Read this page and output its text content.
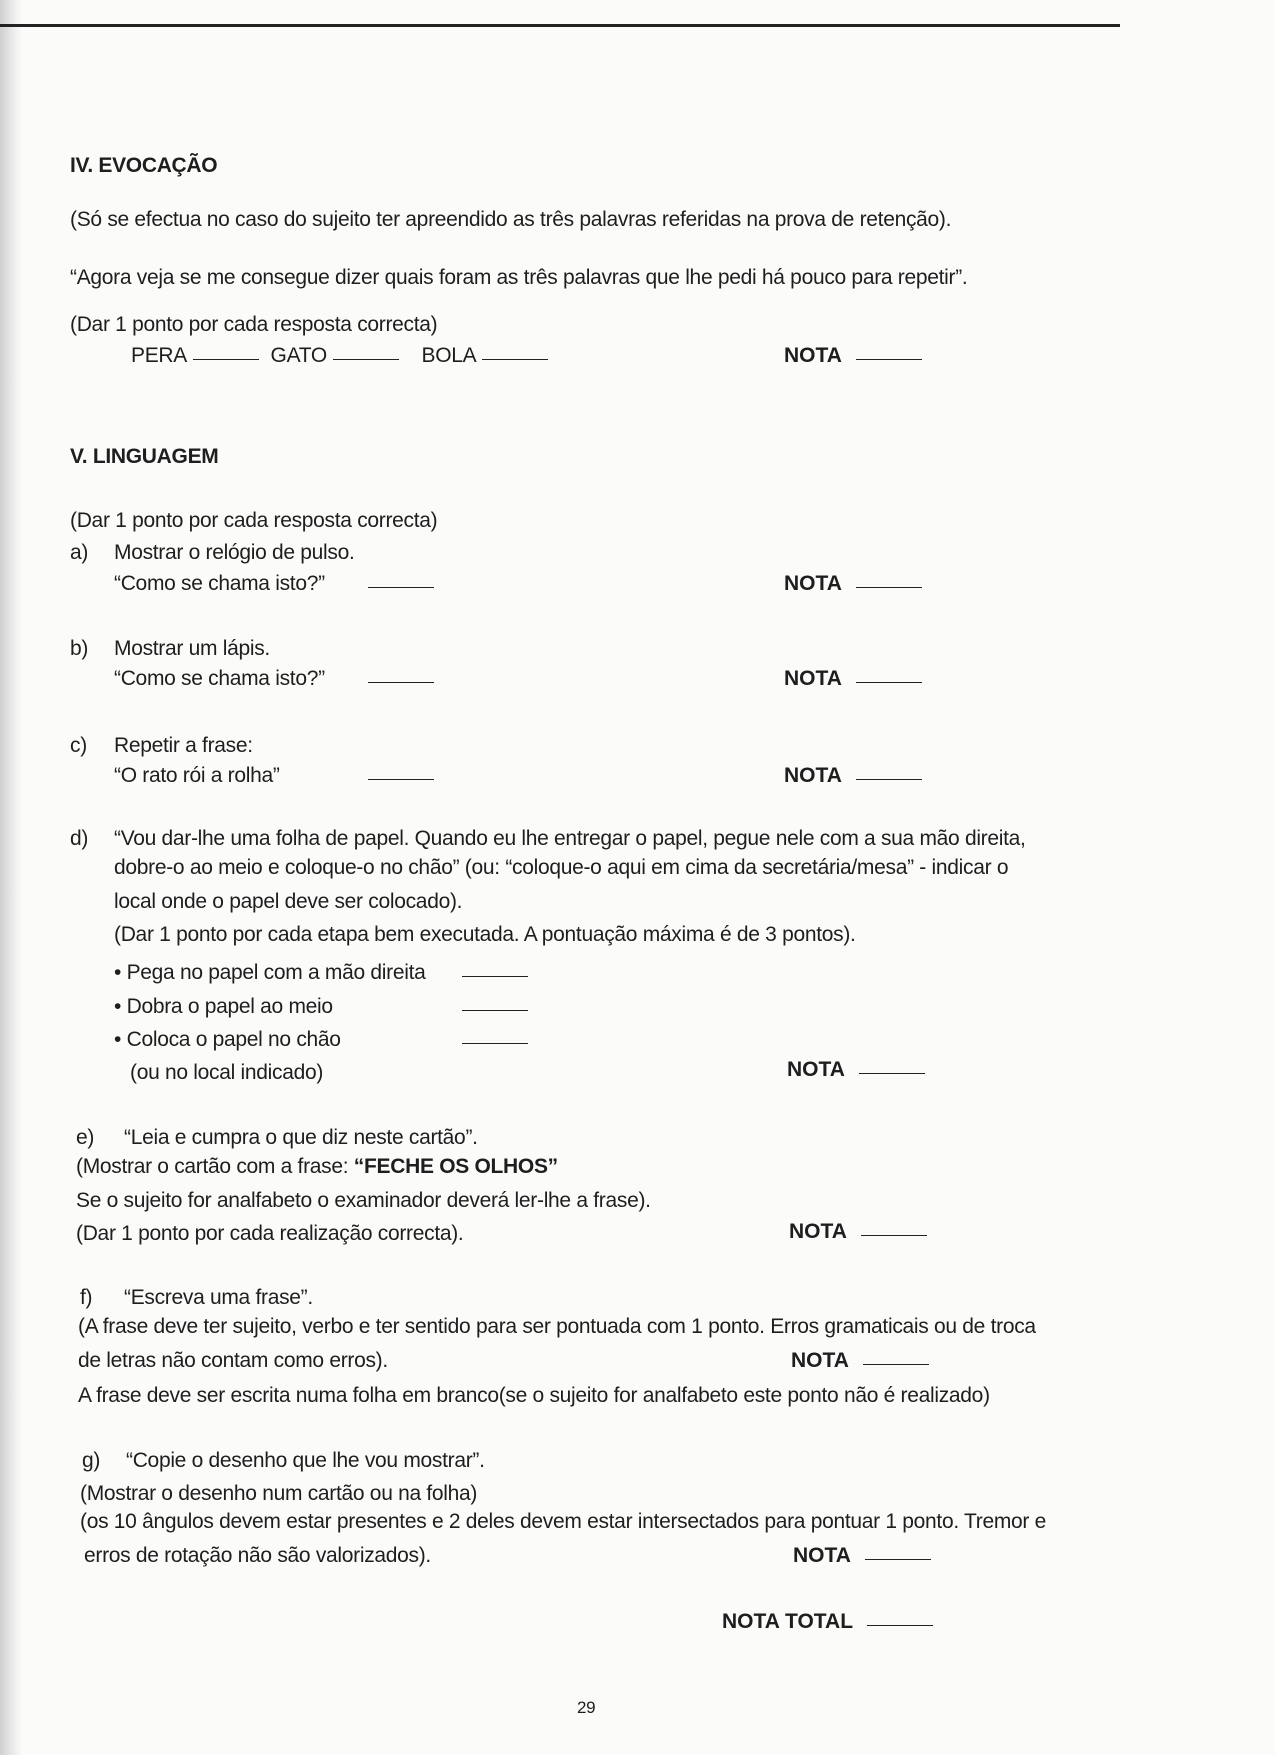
IV. EVOCAÇÃO
(Só se efectua no caso do sujeito ter apreendido as três palavras referidas na prova de retenção).
“Agora veja se me consegue dizer quais foram as três palavras que lhe pedi há pouco para repetir”.
(Dar 1 ponto por cada resposta correcta)
PERA	GATO	BOLA	NOTA
V. LINGUAGEM
(Dar 1 ponto por cada resposta correcta)
a) Mostrar o relógio de pulso.
“Como se chama isto?”	NOTA
b) Mostrar um lápis.
“Como se chama isto?”	NOTA
c) Repetir a frase:
“O rato rói a rolha”	NOTA
d) “Vou dar-lhe uma folha de papel. Quando eu lhe entregar o papel, pegue nele com a sua mão direita,
dobre-o ao meio e coloque-o no chão” (ou: “coloque-o aqui em cima da secretária/mesa” - indicar o
local onde o papel deve ser colocado).
(Dar 1 ponto por cada etapa bem executada. A pontuação máxima é de 3 pontos).
• Pega no papel com a mão direita
• Dobra o papel ao meio
• Coloca o papel no chão
(ou no local indicado)	NOTA
e) “Leia e cumpra o que diz neste cartão”.
(Mostrar o cartão com a frase: “FECHE OS OLHOS”
Se o sujeito for analfabeto o examinador deverá ler-lhe a frase).
(Dar 1 ponto por cada realização correcta).	NOTA
f) “Escreva uma frase”.
(A frase deve ter sujeito, verbo e ter sentido para ser pontuada com 1 ponto. Erros gramaticais ou de troca
de letras não contam como erros).	NOTA
A frase deve ser escrita numa folha em branco(se o sujeito for analfabeto este ponto não é realizado)
g) “Copie o desenho que lhe vou mostrar”.
(Mostrar o desenho num cartão ou na folha)
(os 10 ângulos devem estar presentes e 2 deles devem estar intersectados para pontuar 1 ponto. Tremor e
erros de rotação não são valorizados).	NOTA
NOTA TOTAL
29
